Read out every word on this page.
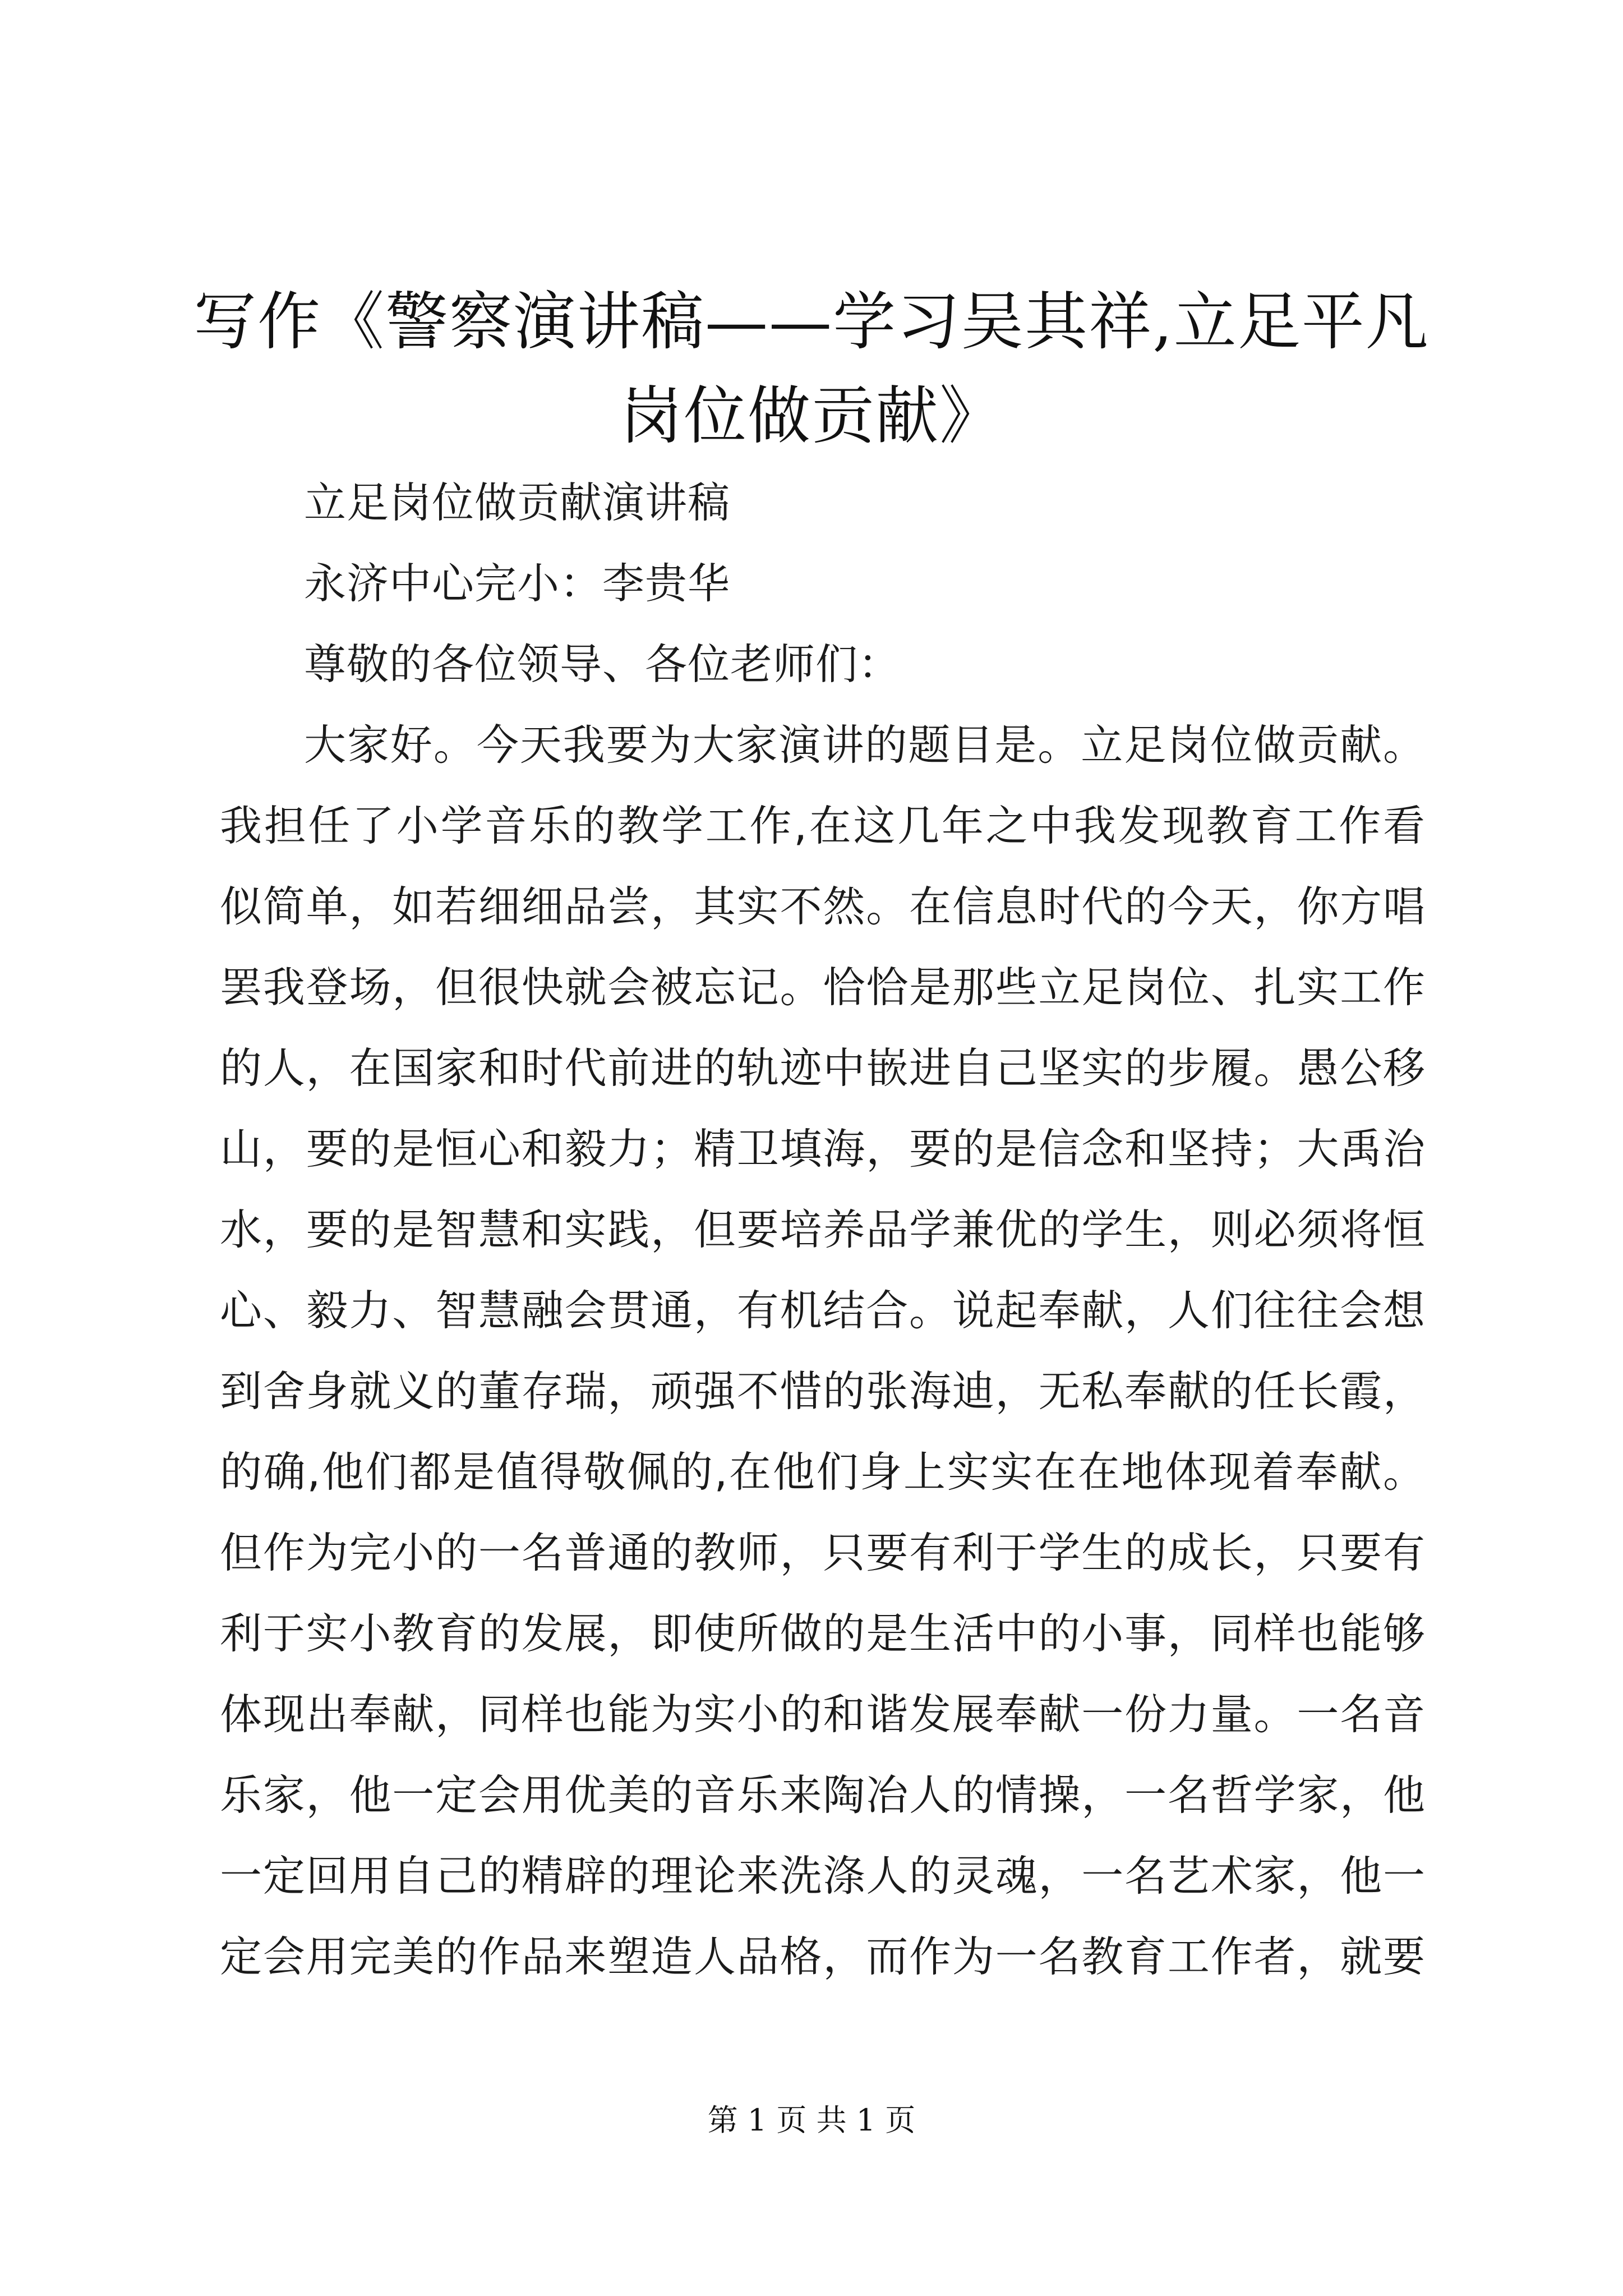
写作《警察演讲稿——学习吴其祥,立足平凡
岗位做贡献》
立足岗位做贡献演讲稿
永济中心完小：李贵华
尊敬的各位领导、各位老师们：
大家好。今天我要为大家演讲的题目是。立足岗位做贡献。
我担任了小学音乐的教学工作,在这几年之中我发现教育工作看
似简单，如若细细品尝，其实不然。在信息时代的今天，你方唱
罢我登场，但很快就会被忘记。恰恰是那些立足岗位、扎实工作
的人，在国家和时代前进的轨迹中嵌进自己坚实的步履。愚公移
山，要的是恒心和毅力；精卫填海，要的是信念和坚持；大禹治
水，要的是智慧和实践，但要培养品学兼优的学生，则必须将恒
心、毅力、智慧融会贯通，有机结合。说起奉献，人们往往会想
到舍身就义的董存瑞，顽强不惜的张海迪，无私奉献的任长霞，
的确,他们都是值得敬佩的,在他们身上实实在在地体现着奉献。
但作为完小的一名普通的教师，只要有利于学生的成长，只要有
利于实小教育的发展，即使所做的是生活中的小事，同样也能够
体现出奉献，同样也能为实小的和谐发展奉献一份力量。一名音
乐家，他一定会用优美的音乐来陶冶人的情操，一名哲学家，他
一定回用自己的精辟的理论来洗涤人的灵魂，一名艺术家，他一
定会用完美的作品来塑造人品格，而作为一名教育工作者，就要
第 1 页 共 1 页
